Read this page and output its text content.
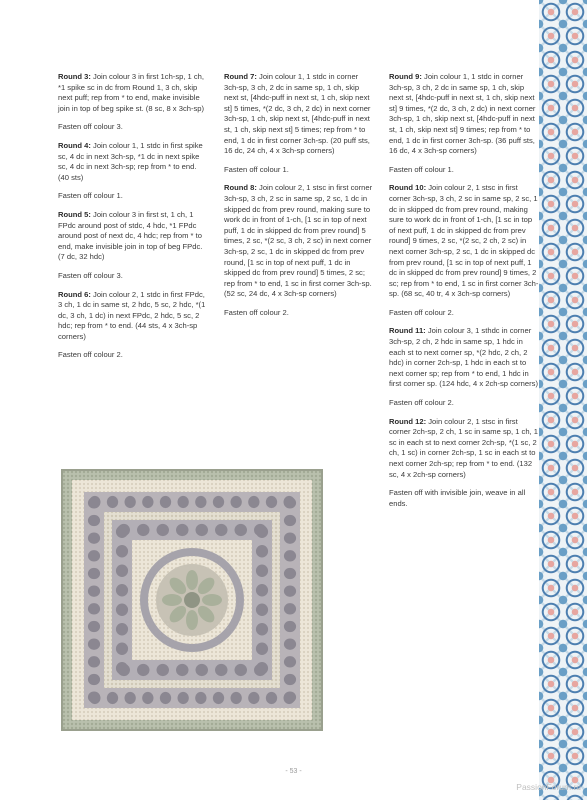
Round 3: Join colour 3 in first 1ch-sp, 1 ch, *1 spike sc in dc from Round 1, 3 ch, skip next puff; rep from * to end, make invisible join in top of beg spike st. (8 sc, 8 x 3ch-sp)
Fasten off colour 3.
Round 4: Join colour 1, 1 stdc in first spike sc, 4 dc in next 3ch-sp, *1 dc in next spike sc, 4 dc in next 3ch-sp; rep from * to end. (40 sts)
Fasten off colour 1.
Round 5: Join colour 3 in first st, 1 ch, 1 FPdc around post of stdc, 4 hdc, *1 FPdc around post of next dc, 4 hdc; rep from * to end, make invisible join in top of beg FPdc. (7 dc, 32 hdc)
Fasten off colour 3.
Round 6: Join colour 2, 1 stdc in first FPdc, 3 ch, 1 dc in same st, 2 hdc, 5 sc, 2 hdc, *(1 dc, 3 ch, 1 dc) in next FPdc, 2 hdc, 5 sc, 2 hdc; rep from * to end. (44 sts, 4 x 3ch-sp corners)
Fasten off colour 2.
Round 7: Join colour 1, 1 stdc in corner 3ch-sp, 3 ch, 2 dc in same sp, 1 ch, skip next st, [4hdc-puff in next st, 1 ch, skip next st] 5 times, *(2 dc, 3 ch, 2 dc) in next corner 3ch-sp, 1 ch, skip next st, [4hdc-puff in next st, 1 ch, skip next st] 5 times; rep from * to end, 1 dc in first corner 3ch-sp. (20 puff sts, 16 dc, 24 ch, 4 x 3ch-sp corners)
Fasten off colour 1.
Round 8: Join colour 2, 1 stsc in first corner 3ch-sp, 3 ch, 2 sc in same sp, 2 sc, 1 dc in skipped dc from prev round, making sure to work dc in front of 1-ch, [1 sc in top of next puff, 1 dc in skipped dc from prev round] 5 times, 2 sc, *(2 sc, 3 ch, 2 sc) in next corner 3ch-sp, 2 sc, 1 dc in skipped dc from prev round, [1 sc in top of next puff, 1 dc in skipped dc from prev round] 5 times, 2 sc; rep from * to end, 1 sc in first corner 3ch-sp. (52 sc, 24 dc, 4 x 3ch-sp corners)
Fasten off colour 2.
Round 9: Join colour 1, 1 stdc in corner 3ch-sp, 3 ch, 2 dc in same sp, 1 ch, skip next st, [4hdc-puff in next st, 1 ch, skip next st] 9 times, *(2 dc, 3 ch, 2 dc) in next corner 3ch-sp, 1 ch, skip next st, [4hdc-puff in next st, 1 ch, skip next st] 9 times; rep from * to end, 1 dc in first corner 3ch-sp. (36 puff sts, 16 dc, 4 x 3ch-sp corners)
Fasten off colour 1.
Round 10: Join colour 2, 1 stsc in first corner 3ch-sp, 3 ch, 2 sc in same sp, 2 sc, 1 dc in skipped dc from prev round, making sure to work dc in front of 1-ch, [1 sc in top of next puff, 1 dc in skipped dc from prev round] 9 times, 2 sc, *(2 sc, 2 ch, 2 sc) in next corner 3ch-sp, 2 sc, 1 dc in skipped dc from prev round, [1 sc in top of next puff, 1 dc in skipped dc from prev round] 9 times, 2 sc; rep from * to end, 1 sc in first corner 3ch-sp. (68 sc, 40 tr, 4 x 3ch-sp corners)
Fasten off colour 2.
Round 11: Join colour 3, 1 sthdc in corner 3ch-sp, 2 ch, 2 hdc in same sp, 1 hdc in each st to next corner sp, *(2 hdc, 2 ch, 2 hdc) in corner 2ch-sp, 1 hdc in each st to next corner sp; rep from * to end, 1 hdc in first corner sp. (124 hdc, 4 x 2ch-sp corners)
Fasten off colour 2.
Round 12: Join colour 2, 1 stsc in first corner 2ch-sp, 2 ch, 1 sc in same sp, 1 ch, 1 sc in each st to next corner 2ch-sp, *(1 sc, 2 ch, 1 sc) in corner 2ch-sp, 1 sc in each st to next corner 2ch-sp; rep from * to end. (132 sc, 4 x 2ch-sp corners)
Fasten off with invisible join, weave in all ends.
- 53 -
PassionForum.ru
